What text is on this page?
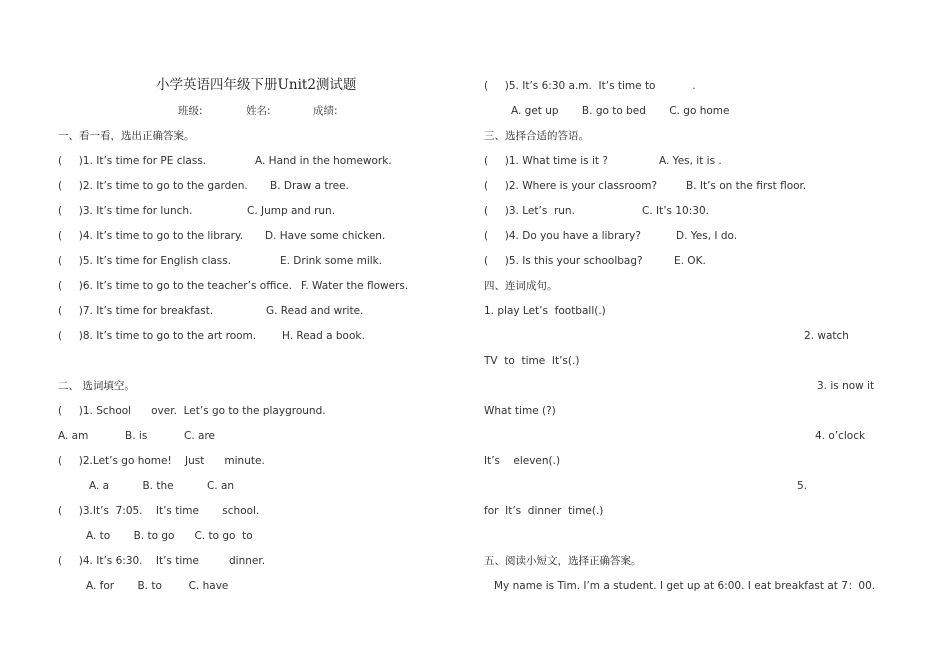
小学英语四年级下册Unit2测试题
班级:	姓名:	成绩:
一、看一看，选出正确答案。
(     )1. It’s time for PE class.	A. Hand in the homework.
(     )2. It’s time to go to the garden. B. Draw a tree.
(     )3. It’s time for lunch.	C. Jump and run.
(     )4. It’s time to go to the library. D. Have some chicken.
(     )5. It’s time for English class.	E. Drink some milk.
(     )6. It’s time to go to the teacher’s office. F. Water the flowers.
(     )7. It’s time for breakfast.	G. Read and write.
(     )8. It’s time to go to the art room. H. Read a book.
二、 选词填空。
(     )1. School      over.  Let’s go to the playground.
A. am           B. is           C. are
(     )2.Let’s go home!    Just      minute.
A. a          B. the          C. an
(     )3.It’s  7:05.    It’s time       school.
A. to       B. to go      C. to go  to
(     )4. It’s 6:30.    It’s time         dinner.
A. for       B. to        C. have
(     )5. It’s 6:30 a.m.  It’s time to           .
A. get up       B. go to bed       C. go home
三、选择合适的答语。
(     )1. What time is it ?	A. Yes, it is .
(     )2. Where is your classroom?	B. It’s on the first floor.
(     )3. Let’s  run.	C. It’s 10:30.
(     )4. Do you have a library?	D. Yes, I do.
(     )5. Is this your schoolbag?	E. OK.
四、连词成句。
1. play Let’s  football(.)
2. watch
TV  to  time  It’s(.)
3. is now it
What time (?)
4. o’clock
It’s    eleven(.)
5.
for  It’s  dinner  time(.)
五、阅读小短文，选择正确答案。
My name is Tim. I’m a student. I get up at 6:00. I eat breakfast at 7：00.
